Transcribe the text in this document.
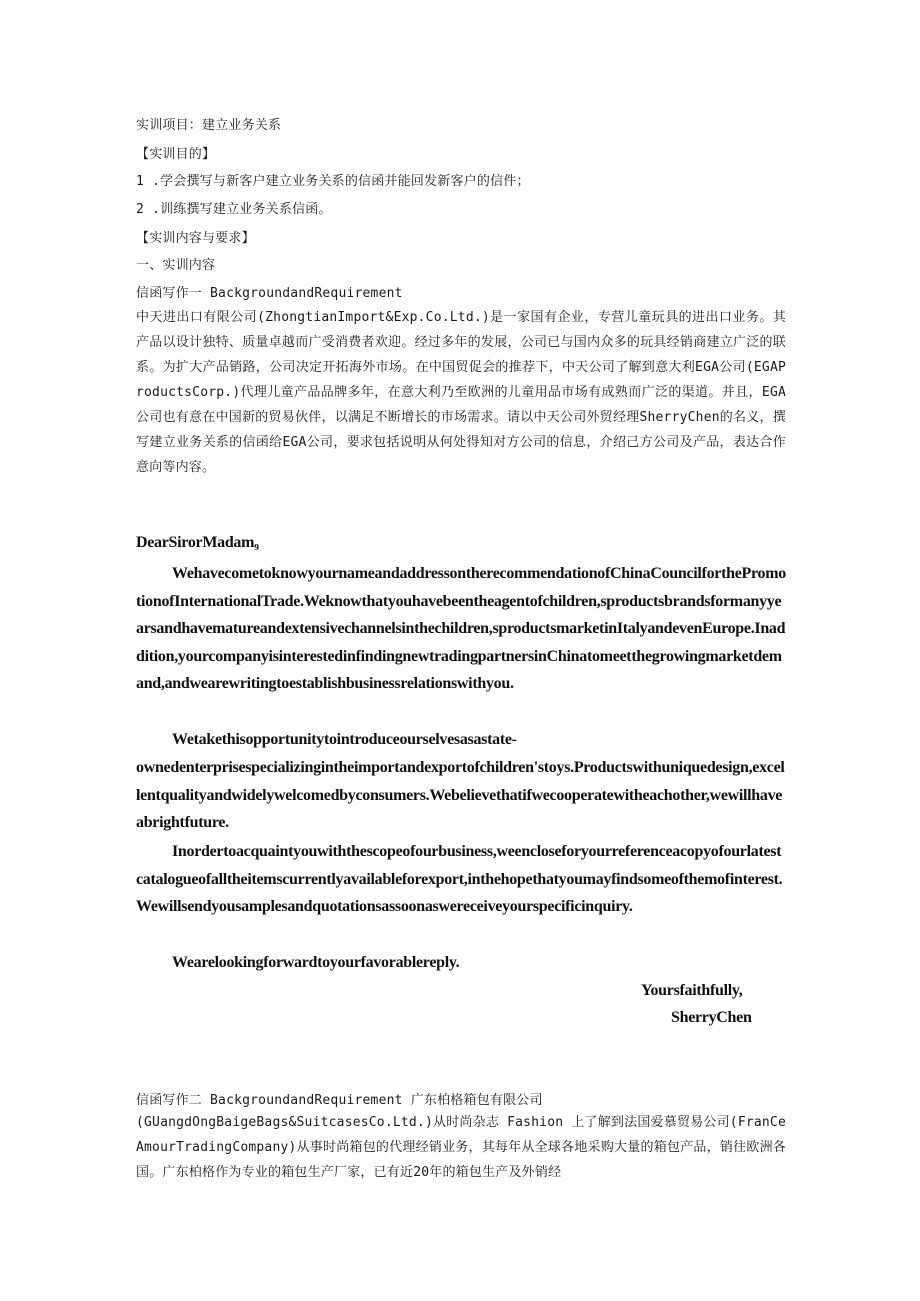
实训项目：建立业务关系
【实训目的】
1 .学会撰写与新客户建立业务关系的信函并能回发新客户的信件；
2 .训练撰写建立业务关系信函。
【实训内容与要求】
一、实训内容
信函写作一 BackgroundandRequirement
中天进出口有限公司(ZhongtianImport&Exp.Co.Ltd.)是一家国有企业，专营儿童玩具的进出口业务。其产品以设计独特、质量卓越而广受消费者欢迎。经过多年的发展，公司已与国内众多的玩具经销商建立广泛的联系。为扩大产品销路，公司决定开拓海外市场。在中国贸促会的推荐下，中天公司了解到意大利EGA公司(EGAProductsCorp.)代理儿童产品品牌多年，在意大利乃至欧洲的儿童用品市场有成熟而广泛的渠道。并且，EGA公司也有意在中国新的贸易伙伴，以满足不断增长的市场需求。请以中天公司外贸经理SherryChen的名义，撰写建立业务关系的信函给EGA公司，要求包括说明从何处得知对方公司的信息，介绍己方公司及产品，表达合作意向等内容。
DearSirorMadam₉
WehavecometoknowyournameandaddressontherecommendationofChinaCouncilforthePromotionofInternationalTrade.Weknowthatyouhavebeentheagentofchildren,sproductsbrandsformanyyearsandhavematureandextensivechannelsinthechildren,sproductsmarketinItalyandevenEurope.Inaddition,yourcompanyisinterestedinfindingnewtradingpartnersinChinatomeetthegrowingmarketdemand,andwearewritingtoestablishbusinessrelationswithyou.
Wetakethisopportunitytointroduceourselvesasastate-
ownedenterprisespecializingintheimportandexportofchildren'stoys.Productswithuniquedesign,excellentqualityandwidelywelcomedbyconsumers.Webelievethatifwecooperatewitheachother,wewillhaveabrightfuture.
Inordertoacquaintyouwiththescopeofourbusiness,weencloseforyourreferenceacopyofourlatestcatalogueofalltheitemscurrentlyavailableforexport,inthehopethatyoumayfindsomeofthemofinterest.Wewillsendyousamplesandquotationsassoonaswereceiveyourspecificinquiry.
Wearelookingforwardtoyourfavorablereply.
Yoursfaithfully,
SherryChen
信函写作二 BackgroundandRequirement 广东柏格箱包有限公司
(GUangdOngBaigeBags&SuitcasesCo.Ltd.)从时尚杂志 Fashion 上了解到法国爱慕贸易公司(FranCeAmourTradingCompany)从事时尚箱包的代理经销业务，其每年从全球各地采购大量的箱包产品，销往欧洲各国。广东柏格作为专业的箱包生产厂家，已有近20年的箱包生产及外销经
